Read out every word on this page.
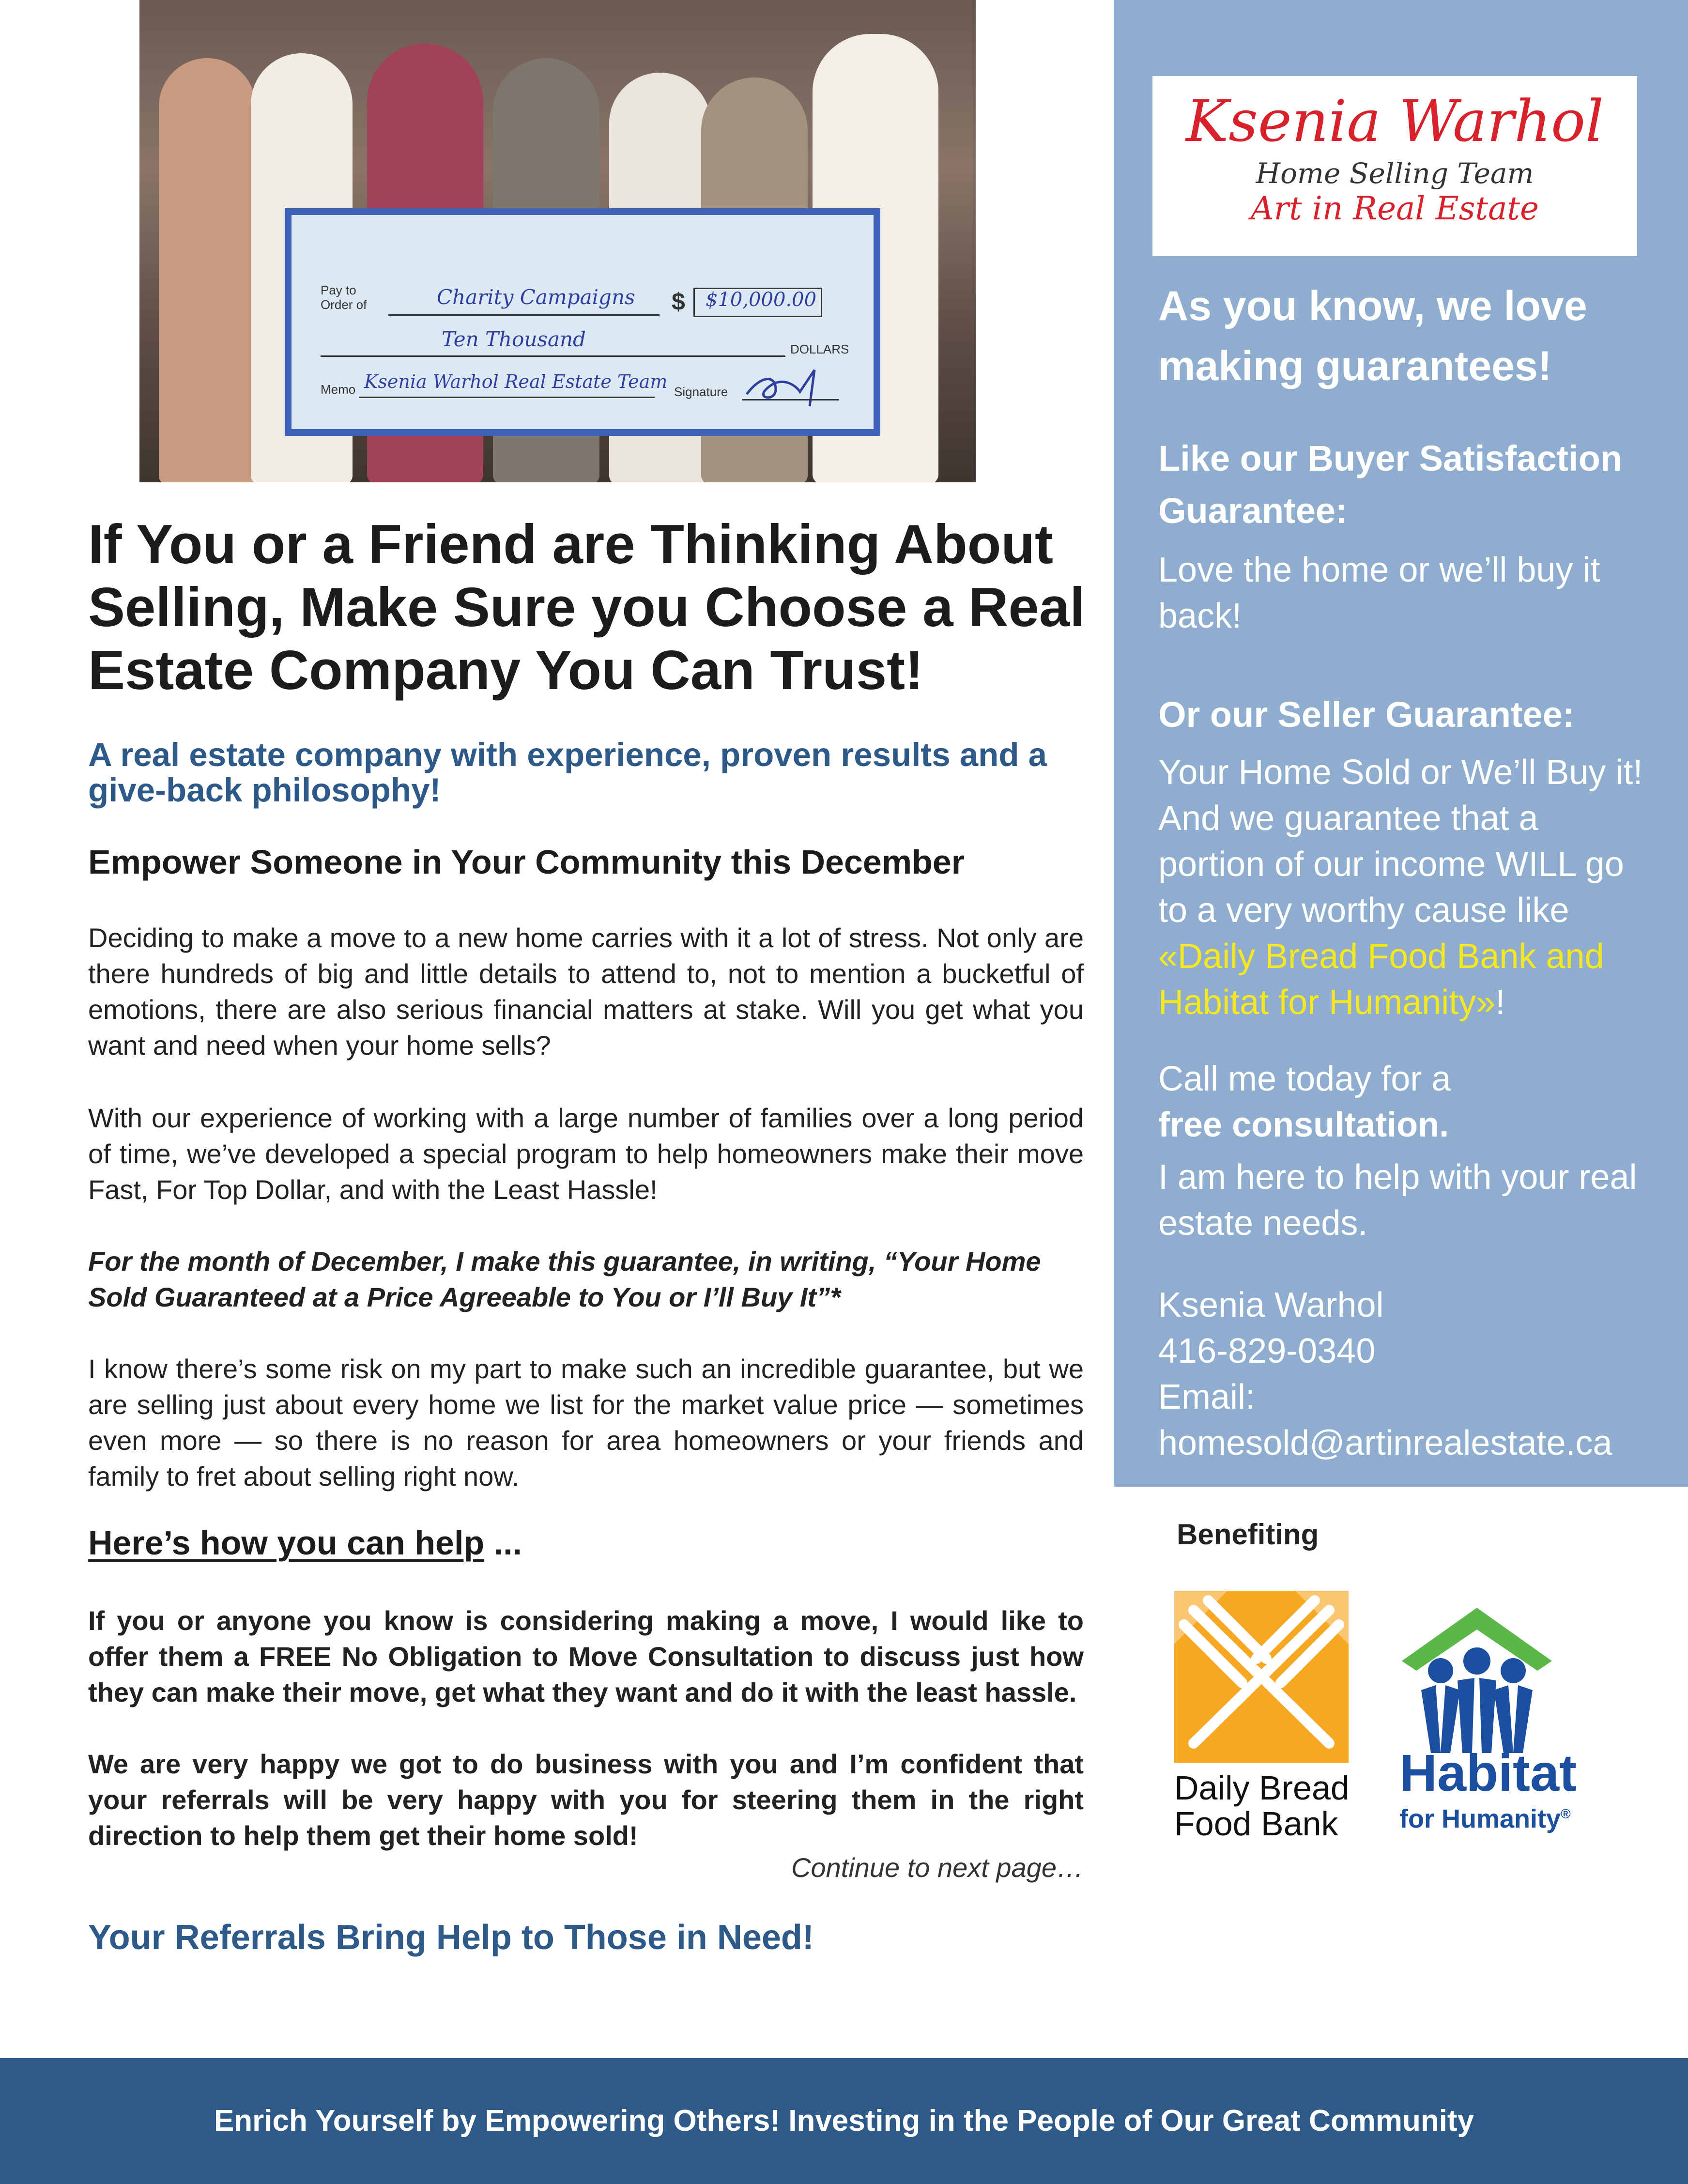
Pay to Order of	Charity Campaigns $ $10,000.00
Ten Thousand	DOLLARS
Memo Ksenia Warhol Real Estate Team Signature
If You or a Friend are Thinking About Selling, Make Sure you Choose a Real Estate Company You Can Trust!
A real estate company with experience, proven results and a give-back philosophy!
Empower Someone in Your Community this December

Deciding to make a move to a new home carries with it a lot of stress. Not only are there hundreds of big and little details to attend to, not to mention a bucketful of emotions, there are also serious financial matters at stake. Will you get what you want and need when your home sells?

With our experience of working with a large number of families over a long period of time, we’ve developed a special program to help homeowners make their move Fast, For Top Dollar, and with the Least Hassle!

For the month of December, I make this guarantee, in writing, “Your Home Sold Guaranteed at a Price Agreeable to You or I’ll Buy It”*

I know there’s some risk on my part to make such an incredible guarantee, but we are selling just about every home we list for the market value price — sometimes even more — so there is no reason for area homeowners or your friends and family to fret about selling right now.

Here’s how you can help ...

If you or anyone you know is considering making a move, I would like to offer them a FREE No Obligation to Move Consultation to discuss just how they can make their move, get what they want and do it with the least hassle.

We are very happy we got to do business with you and I’m confident that your referrals will be very happy with you for steering them in the right direction to help them get their home sold!

Continue to next page…
Your Referrals Bring Help to Those in Need!
Ksenia Warhol
Home Selling Team
Art in Real Estate
As you know, we love making guarantees!
Like our Buyer Satisfaction Guarantee:
Love the home or we’ll buy it back!
Or our Seller Guarantee:
Your Home Sold or We’ll Buy it! And we guarantee that a portion of our income WILL go to a very worthy cause like «Daily Bread Food Bank and Habitat for Humanity»!
Call me today for a
free consultation.
I am here to help with your real estate needs.
Ksenia Warhol
416-829-0340
Email:
homesold@artinrealestate.ca
Benefiting
Daily Bread Food Bank
Habitat
for Humanity®
Enrich Yourself by Empowering Others! Investing in the People of Our Great Community
